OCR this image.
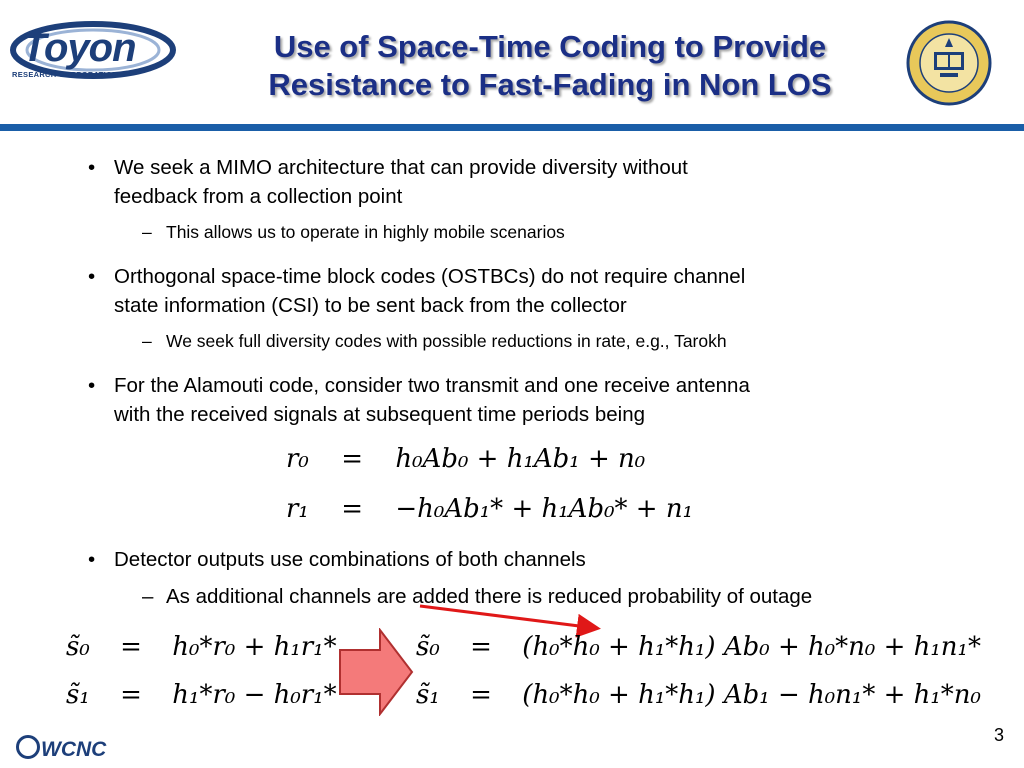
Toyon
RESEARCH CORPORATION
Use of Space-Time Coding to Provide
Resistance to Fast-Fading in Non LOS
• We seek a MIMO architecture that can provide diversity without
feedback from a collection point
– This allows us to operate in highly mobile scenarios
• Orthogonal space-time block codes (OSTBCs) do not require channel
state information (CSI) to be sent back from the collector
– We seek full diversity codes with possible reductions in rate, e.g., Tarokh
• For the Alamouti code, consider two transmit and one receive antenna
with the received signals at subsequent time periods being
r₀ = h₀Ab₀ + h₁Ab₁ + n₀
r₁ = −h₀Ab₁* + h₁Ab₀* + n₁
• Detector outputs use combinations of both channels
– As additional channels are added there is reduced probability of outage
s̃₀ = h₀*r₀ + h₁r₁*
s̃₁ = h₁*r₀ − h₀r₁*
s̃₀ = (h₀*h₀ + h₁*h₁) Ab₀ + h₀*n₀ + h₁n₁*
s̃₁ = (h₀*h₀ + h₁*h₁) Ab₁ − h₀n₁* + h₁*n₀
WCNC
3
